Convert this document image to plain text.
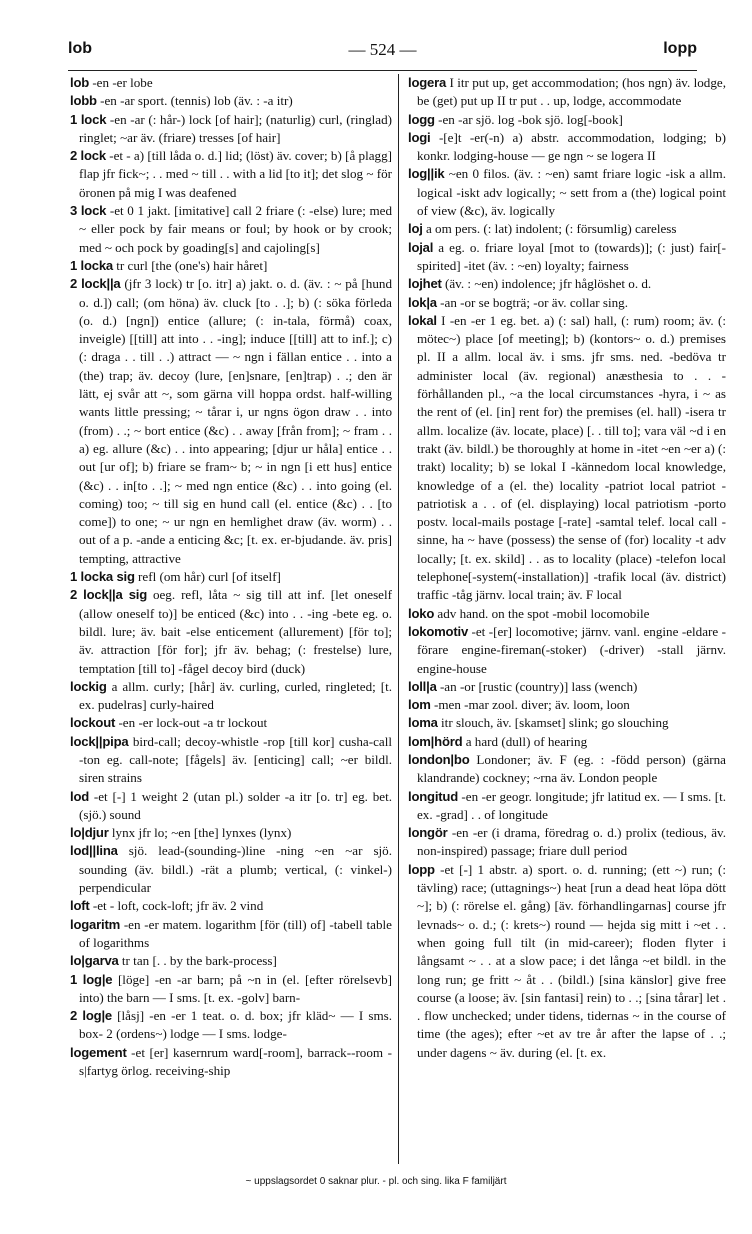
lob	— 524 —	lopp

lob -en -er lobe

lobb -en -ar sport. (tennis) lob (äv. : -a itr)

1 lock -en -ar (: hår-) lock [of hair]; (naturlig) curl, (ringlad) ringlet; ~ar äv. (friare) tresses [of hair]

2 lock -et - a) [till låda o. d.] lid; (löst) äv. cover; b) [å plagg] flap jfr fick~; . . med ~ till . . with a lid [to it]; det slog ~ för öronen på mig I was deafened

3 lock -et 0 1 jakt. [imitative] call 2 friare (: -else) lure; med ~ eller pock by fair means or foul; by hook or by crook; med ~ och pock by goading[s] and cajoling[s]

1 locka tr curl [the (one's) hair håret]

2 lock||a (jfr 3 lock) tr [o. itr] a) jakt. o. d. (äv. : ~ på [hund o. d.]) call; (om höna) äv. cluck [to . .]; b) (: söka förleda (o. d.) [ngn]) entice (allure; (: in-tala, förmå) coax, inveigle) [[till] att into . . -ing]; induce [[till] att to inf.]; c) (: draga . . till . .) attract — ~ ngn i fällan entice . . into a (the) trap; äv. decoy (lure, [en]snare, [en]trap) . .; den är lätt, ej svår att ~, som gärna vill hoppa ordst. half-willing wants little pressing; ~ tårar i, ur ngns ögon draw . . into (from) . .; ~ bort entice (&c) . . away [från from]; ~ fram . . a) eg. allure (&c) . . into appearing; [djur ur håla] entice . . out [ur of]; b) friare se fram~ b; ~ in ngn [i ett hus] entice (&c) . . in[to . .]; ~ med ngn entice (&c) . . into going (el. coming) too; ~ till sig en hund call (el. entice (&c) . . [to come]) to one; ~ ur ngn en hemlighet draw (äv. worm) . . out of a p. -ande a enticing &c; [t. ex. er-bjudande. äv. pris] tempting, attractive

1 locka sig refl (om hår) curl [of itself]

2 lock||a sig oeg. refl, låta ~ sig till att inf. [let oneself (allow oneself to)] be enticed (&c) into . . -ing -bete eg. o. bildl. lure; äv. bait -else enticement (allurement) [för to]; äv. attraction [för for]; jfr äv. behag; (: frestelse) lure, temptation [till to] -fågel decoy bird (duck)

lockig a allm. curly; [hår] äv. curling, curled, ringleted; [t. ex. pudelras] curly-haired

lockout -en -er lock-out -a tr lockout

lock||pipa bird-call; decoy-whistle -rop [till kor] cusha-call -ton eg. call-note; [fågels] äv. [enticing] call; ~er bildl. siren strains

lod -et [-] 1 weight 2 (utan pl.) solder -a itr [o. tr] eg. bet. (sjö.) sound

lo|djur lynx jfr lo; ~en [the] lynxes (lynx)

lod||lina sjö. lead-(sounding-)line -ning ~en ~ar sjö. sounding (äv. bildl.) -rät a plumb; vertical, (: vinkel-) perpendicular

loft -et - loft, cock-loft; jfr äv. 2 vind

logaritm -en -er matem. logarithm [för (till) of] -tabell table of logarithms

lo|garva tr tan [. . by the bark-process]

1 log|e [löge] -en -ar barn; på ~n in (el. [efter rörelsevb] into) the barn — I sms. [t. ex. -golv] barn-

2 log|e [låsj] -en -er 1 teat. o. d. box; jfr kläd~ — I sms. box- 2 (ordens~) lodge — I sms. lodge-

logement -et [er] kasernrum ward[-room], barrack--room -s|fartyg örlog. receiving-ship

logera I itr put up, get accommodation; (hos ngn) äv. lodge, be (get) put up II tr put . . up, lodge, accommodate

logg -en -ar sjö. log -bok sjö. log[-book]

logi -[e]t -er(-n) a) abstr. accommodation, lodging; b) konkr. lodging-house — ge ngn ~ se logera II

log||ik ~en 0 filos. (äv. : ~en) samt friare logic -isk a allm. logical -iskt adv logically; ~ sett from a (the) logical point of view (&c), äv. logically

loj a om pers. (: lat) indolent; (: försumlig) careless

lojal a eg. o. friare loyal [mot to (towards)]; (: just) fair[-spirited] -itet (äv. : ~en) loyalty; fairness

lojhet (äv. : ~en) indolence; jfr håglöshet o. d.

lok|a -an -or se bogträ; -or äv. collar sing.

lokal I -en -er 1 eg. bet. a) (: sal) hall, (: rum) room; äv. (: möteс~) place [of meeting]; b) (kontors~ o. d.) premises pl. II a allm. local äv. i sms. jfr sms. ned. -bedöva tr administer local (äv. regional) anæsthesia to . . -förhållanden pl., ~a the local circumstances -hyra, i ~ as the rent of (el. [in] rent for) the premises (el. hall) -isera tr allm. localize (äv. locate, place) [. . till to]; vara väl ~d i en trakt (äv. bildl.) be thoroughly at home in -itet ~en ~er a) (: trakt) locality; b) se lokal I -kännedom local knowledge, knowledge of a (el. the) locality -patriot local patriot -patriotisk a . . of (el. displaying) local patriotism -porto postv. local-mails postage [-rate] -samtal telef. local call -sinne, ha ~ have (possess) the sense of (for) locality -t adv locally; [t. ex. skild] . . as to locality (place) -telefon local telephone[-system(-installation)] -trafik local (äv. district) traffic -tåg järnv. local train; äv. F local

loko adv hand. on the spot -mobil locomobile

lokomotiv -et -[er] locomotive; järnv. vanl. engine -eldare -förare engine-fireman(-stoker) (-driver) -stall järnv. engine-house

loll|a -an -or [rustic (country)] lass (wench)

lom -men -mar zool. diver; äv. loom, loon

loma itr slouch, äv. [skamset] slink; go slouching

lom|hörd a hard (dull) of hearing

london|bo Londoner; äv. F (eg. : -född person) (gärna klandrande) cockney; ~rna äv. London people

longitud -en -er geogr. longitude; jfr latitud ex. — I sms. [t. ex. -grad] . . of longitude

longör -en -er (i drama, föredrag o. d.) prolix (tedious, äv. non-inspired) passage; friare dull period

lopp -et [-] 1 abstr. a) sport. o. d. running; (ett ~) run; (: tävling) race; (uttagnings~) heat [run a dead heat löpa dött ~]; b) (: rörelse el. gång) [äv. förhandlingarnas] course jfr levnads~ o. d.; (: krets~) round — hejda sig mitt i ~et . . when going full tilt (in mid-career); floden flyter i långsamt ~ . . at a slow pace; i det långa ~et bildl. in the long run; ge fritt ~ åt . . (bildl.) [sina känslor] give free course (a loose; äv. [sin fantasi] rein) to . .; [sina tårar] let . . flow unchecked; under tidens, tidernas ~ in the course of time (the ages); efter ~et av tre år after the lapse of . .; under dagens ~ äv. during (el. [t. ex.

~ uppslagsordet 0 saknar plur. - pl. och sing. lika F familjärt
